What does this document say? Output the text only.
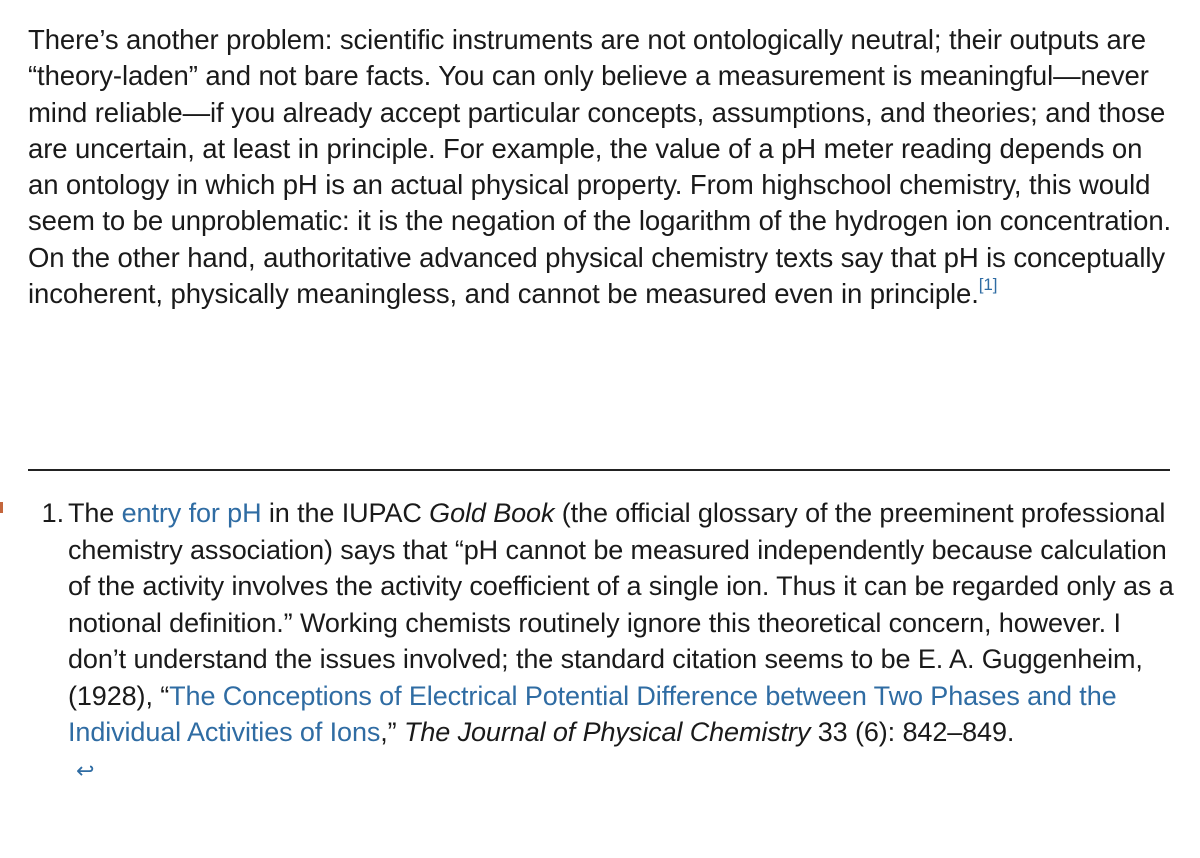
There’s another problem: scientific instruments are not ontologically neutral; their outputs are “theory-laden” and not bare facts. You can only believe a measurement is meaningful—never mind reliable—if you already accept particular concepts, assumptions, and theories; and those are uncertain, at least in principle. For example, the value of a pH meter reading depends on an ontology in which pH is an actual physical property. From highschool chemistry, this would seem to be unproblematic: it is the negation of the logarithm of the hydrogen ion concentration. On the other hand, authoritative advanced physical chemistry texts say that pH is conceptually incoherent, physically meaningless, and cannot be measured even in principle.[1]

1. The entry for pH in the IUPAC Gold Book (the official glossary of the preeminent professional chemistry association) says that “pH cannot be measured independently because calculation of the activity involves the activity coefficient of a single ion. Thus it can be regarded only as a notional definition.” Working chemists routinely ignore this theoretical concern, however. I don’t understand the issues involved; the standard citation seems to be E. A. Guggenheim, (1928), “The Conceptions of Electrical Potential Difference between Two Phases and the Individual Activities of Ions,” The Journal of Physical Chemistry 33 (6): 842–849.
↩
